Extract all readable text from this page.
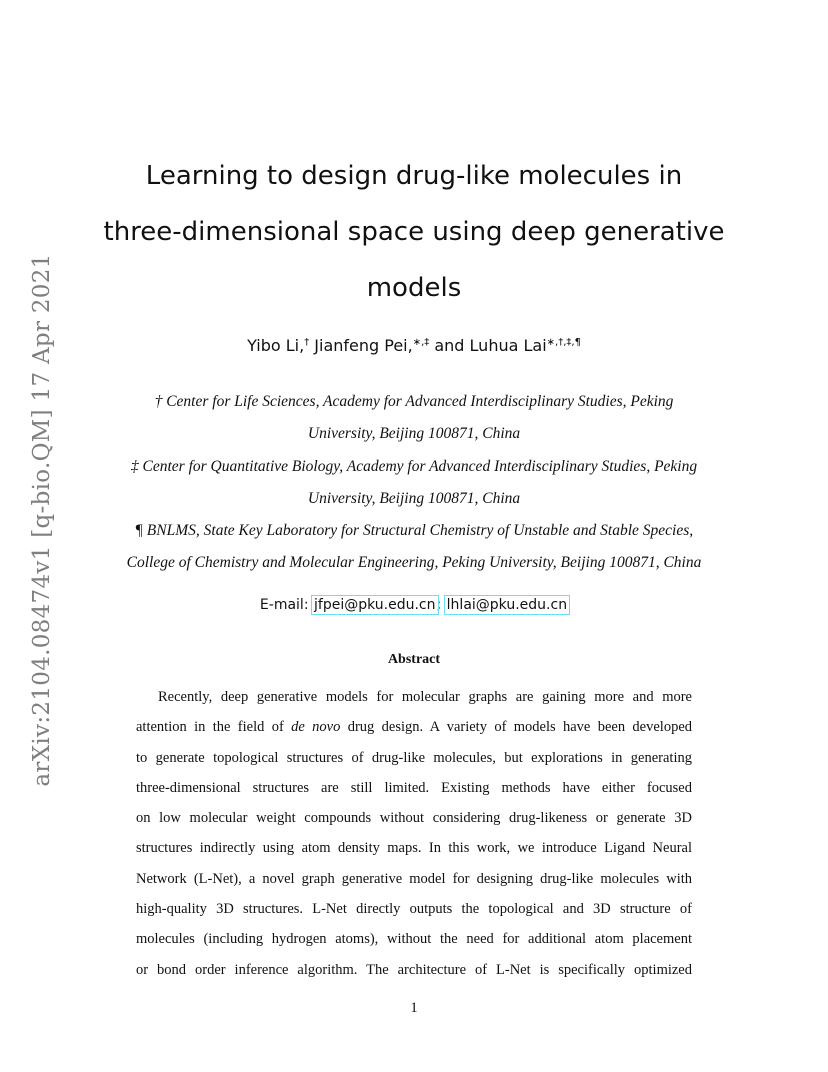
arXiv:2104.08474v1 [q-bio.QM] 17 Apr 2021
Learning to design drug-like molecules in
three-dimensional space using deep generative
models
Yibo Li,† Jianfeng Pei,∗,‡ and Luhua Lai∗,†,‡,¶
† Center for Life Sciences, Academy for Advanced Interdisciplinary Studies, Peking
University, Beijing 100871, China
‡ Center for Quantitative Biology, Academy for Advanced Interdisciplinary Studies, Peking
University, Beijing 100871, China
¶ BNLMS, State Key Laboratory for Structural Chemistry of Unstable and Stable Species,
College of Chemistry and Molecular Engineering, Peking University, Beijing 100871, China
E-mail: jfpei@pku.edu.cn; lhlai@pku.edu.cn
Abstract
Recently, deep generative models for molecular graphs are gaining more and more
attention in the field of de novo drug design. A variety of models have been developed
to generate topological structures of drug-like molecules, but explorations in generating
three-dimensional structures are still limited. Existing methods have either focused
on low molecular weight compounds without considering drug-likeness or generate 3D
structures indirectly using atom density maps. In this work, we introduce Ligand Neural
Network (L-Net), a novel graph generative model for designing drug-like molecules with
high-quality 3D structures. L-Net directly outputs the topological and 3D structure of
molecules (including hydrogen atoms), without the need for additional atom placement
or bond order inference algorithm. The architecture of L-Net is specifically optimized
1
